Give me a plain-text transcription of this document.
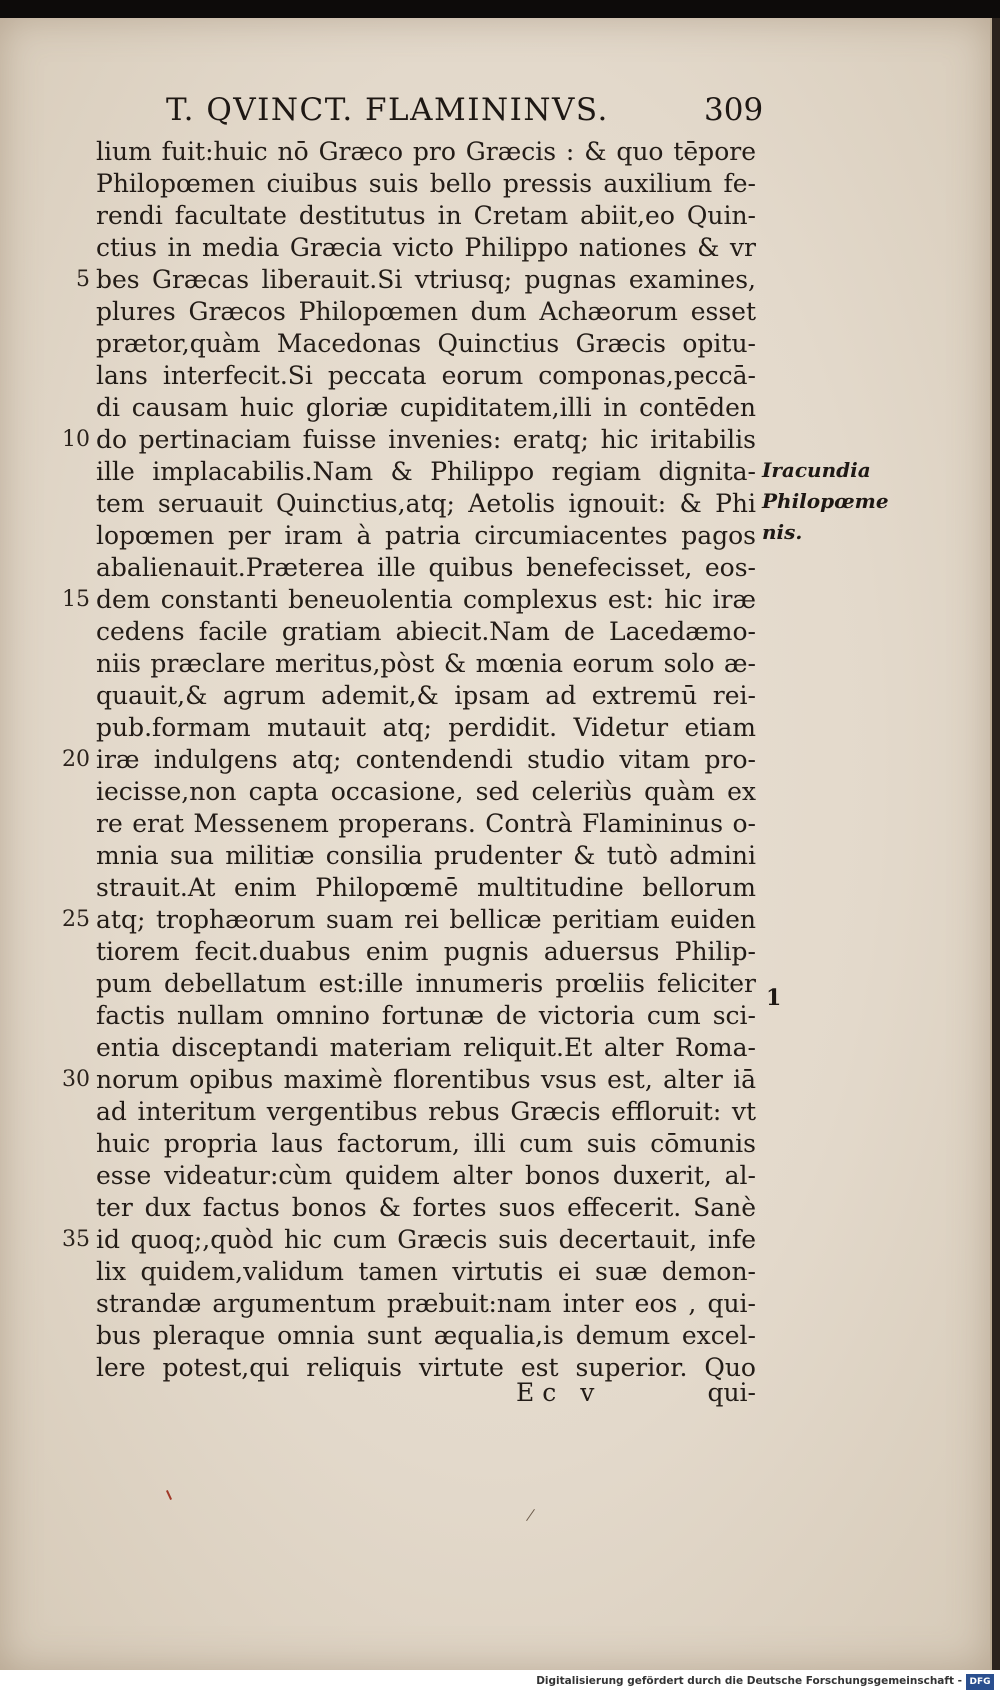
T. QVINCT. FLAMININVS.	309
lium fuit:huic nō Græco pro Græcis : & quo tēpore
Philopœmen ciuibus suis bello pressis auxilium fe-
rendi facultate destitutus in Cretam abiit,eo Quin-
ctius in media Græcia victo Philippo nationes & vr
bes Græcas liberauit.Si vtriusq; pugnas examines,
plures Græcos Philopœmen dum Achæorum esset
prætor,quàm Macedonas Quinctius Græcis opitu-
lans interfecit.Si peccata eorum componas,peccā-
di causam huic gloriæ cupiditatem,illi in contēden
do pertinaciam fuisse invenies: eratq; hic iritabilis
ille implacabilis.Nam & Philippo regiam dignita-
tem seruauit Quinctius,atq; Aetolis ignouit: & Phi
lopœmen per iram à patria circumiacentes pagos
abalienauit.Præterea ille quibus benefecisset, eos-
dem constanti beneuolentia complexus est: hic iræ
cedens facile gratiam abiecit.Nam de Lacedæmo-
niis præclare meritus,pòst & mœnia eorum solo æ-
quauit,& agrum ademit,& ipsam ad extremū rei-
pub.formam mutauit atq; perdidit. Videtur etiam
iræ indulgens atq; contendendi studio vitam pro-
iecisse,non capta occasione, sed celeriùs quàm ex
re erat Messenem properans. Contrà Flamininus o-
mnia sua militiæ consilia prudenter & tutò admini
strauit.At enim Philopœmē multitudine bellorum
atq; trophæorum suam rei bellicæ peritiam euiden
tiorem fecit.duabus enim pugnis aduersus Philip-
pum debellatum est:ille innumeris prœliis feliciter
factis nullam omnino fortunæ de victoria cum sci-
entia disceptandi materiam reliquit.Et alter Roma-
norum opibus maximè florentibus vsus est, alter iā
ad interitum vergentibus rebus Græcis effloruit: vt
huic propria laus factorum, illi cum suis cōmunis
esse videatur:cùm quidem alter bonos duxerit, al-
ter dux factus bonos & fortes suos effecerit. Sanè
id quoq;,quòd hic cum Græcis suis decertauit, infe
lix quidem,validum tamen virtutis ei suæ demon-
strandæ argumentum præbuit:nam inter eos , qui-
bus pleraque omnia sunt æqualia,is demum excel-
lere potest,qui reliquis virtute est superior. Quo
Iracundia
Philopœme
nis.
1
Ec v	qui-
Digitalisierung gefördert durch die Deutsche Forschungsgemeinschaft - DFG
5
10
15
20
25
30
35
